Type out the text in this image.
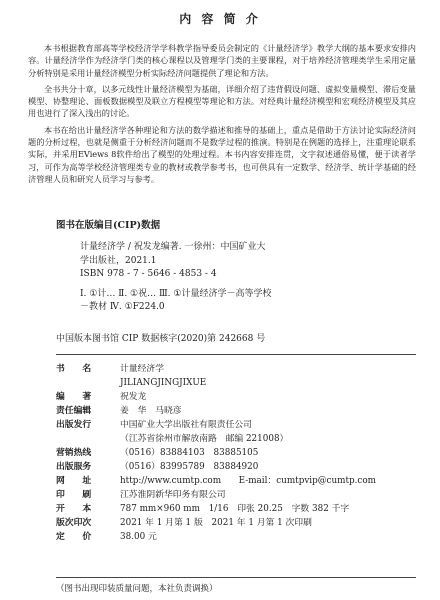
内 容 简 介

本书根据教育部高等学校经济学学科教学指导委员会制定的《计量经济学》教学大纲的基本要求安排内容。计量经济学作为经济学门类的核心课程以及管理学门类的主要课程，对于培养经济管理类学生采用定量分析特别是采用计量经济模型分析实际经济问题提供了理论和方法。

全书共分十章，以多元线性计量经济模型为基础，详细介绍了违背假设问题、虚拟变量模型、滞后变量模型、协整理论、面板数据模型及联立方程模型等理论和方法。对经典计量经济模型和宏观经济模型及其应用也进行了深入浅出的讨论。

本书在给出计量经济学各种理论和方法的数学描述和推导的基础上，重点是借助于方法讨论实际经济问题的分析过程，也就是侧重于分析经济问题而不是数学过程的推演。特别是在例题的选择上，注重理论联系实际，并采用EViews 8软件给出了模型的处理过程。本书内容安排连贯，文字叙述通俗易懂，便于读者学习，可作为高等学校经济管理类专业的教材或教学参考书，也可供具有一定数学、经济学、统计学基础的经济管理人员和研究人员学习与参考。

图书在版编目(CIP)数据
计量经济学 / 祝发龙编著. 一徐州：中国矿业大
学出版社，2021.1
ISBN 978 - 7 - 5646 - 4853 - 4
Ⅰ. ①计… Ⅱ. ①祝… Ⅲ. ①计量经济学－高等学校
－教材 Ⅳ. ①F224.0
中国版本图书馆 CIP 数据核字(2020)第 242668 号
书　　名	计量经济学
	JILIANGJINGJIXUE
编　　著	祝发龙
责任编辑	姜　华　马晓彦
出版发行	中国矿业大学出版社有限责任公司
	（江苏省徐州市解放南路　邮编 221008）
营销热线	（0516）83884103　83885105
出版服务	（0516）83995789　83884920
网　　址	http://www.cumtp.com　　E-mail：cumtpvip@cumtp.com
印　　刷	江苏淮阴新华印务有限公司
开　　本	787 mm×960 mm　1/16　印张 20.25　字数 382 千字
版次印次	2021 年 1 月第 1 版　2021 年 1 月第 1 次印刷
定　　价	38.00 元
（图书出现印装质量问题，本社负责调换）
